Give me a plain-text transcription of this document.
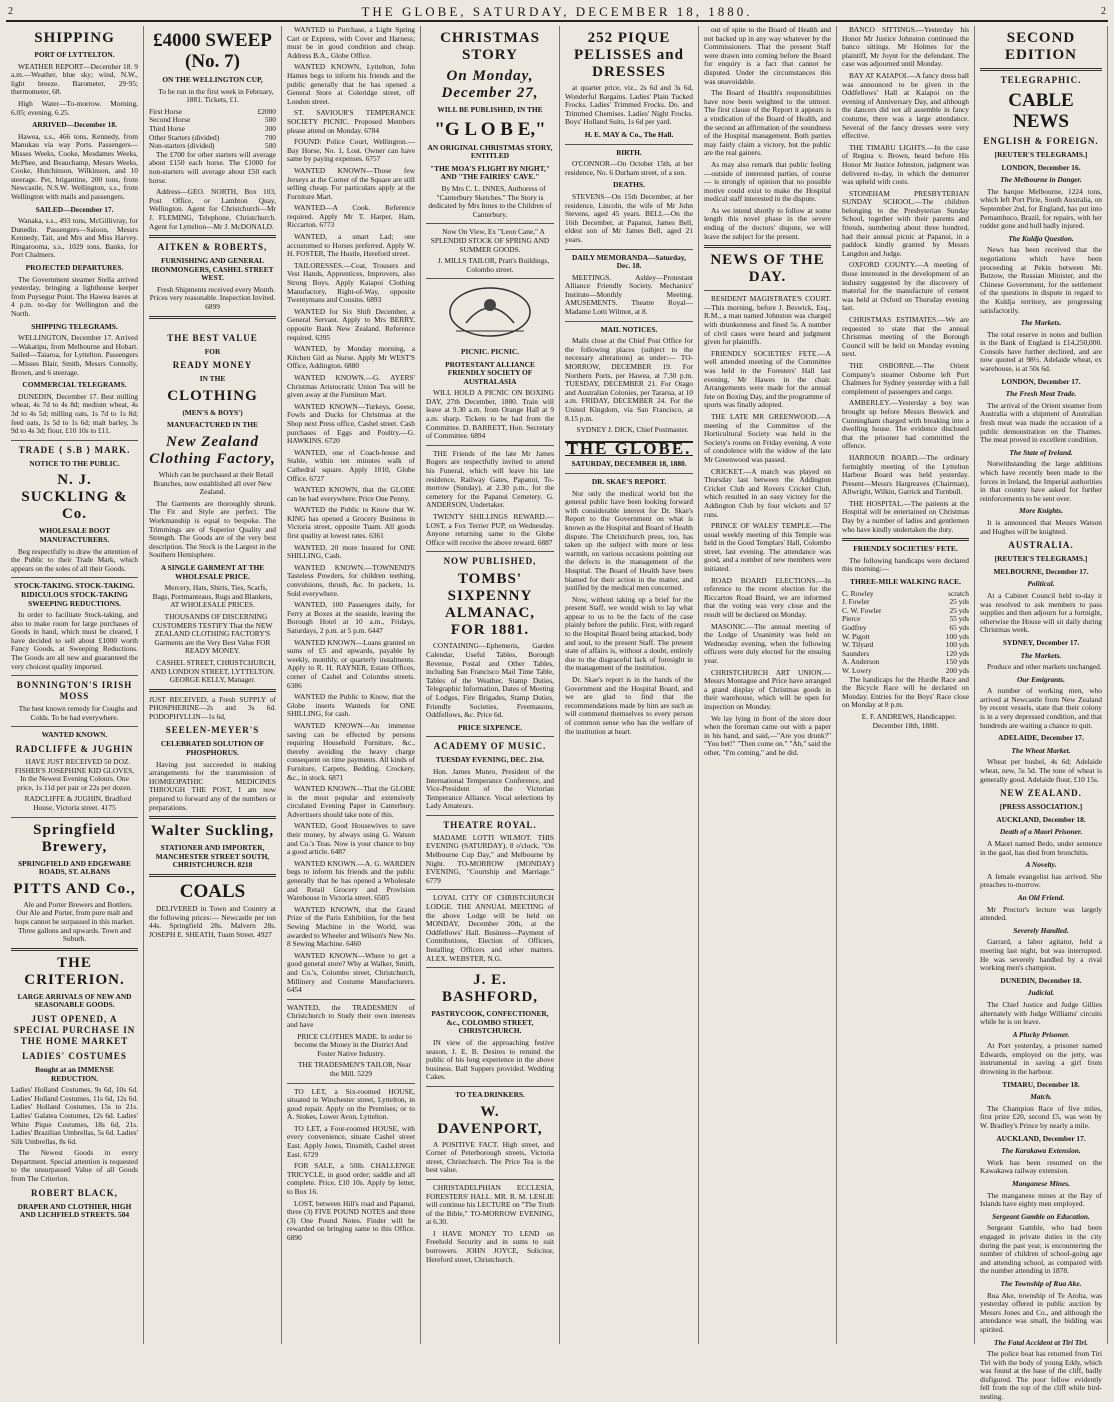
2	THE GLOBE, SATURDAY, DECEMBER 18, 1880.	2
SHIPPING
PORT OF LYTTELTON.

WEATHER REPORT—December 18. 9 a.m.—Weather, blue sky; wind, N.W., light breeze. Barometer, 29·95; thermometer, 68.

High Water—To-morrow. Morning, 6.05; evening, 6.25.

ARRIVED—December 18.

Hawea, s.s., 466 tons, Kennedy, from Manukau via way Ports. Passengers—Misses Weeks, Cooke, Mesdames Weeks, McPhee, and Beauchamp, Messrs Weeks, Cooke, Hutchinson, Wilkinson, and 10 steerage. Pet, brigantine, 200 tons, from Newcastle, N.S.W. Wellington, s.s., from Wellington with mails and passengers.

SAILED—December 17.

Wanaka, s.s., 493 tons, McGillivray, for Dunedin. Passengers—Saloon, Messrs Kennedy, Tait, and Mrs and Miss Harvey. Ringarooma, s.s., 1029 tons, Banks, for Port Chalmers.

PROJECTED DEPARTURES.

The Government steamer Stella arrived yesterday, bringing a lighthouse keeper from Puysegur Point. The Hawea leaves at 4 p.m. to-day for Wellington and the North.

SHIPPING TELEGRAMS.

WELLINGTON, December 17. Arrived—Wakatipu, from Melbourne and Hobart. Sailed—Taiaroa, for Lyttelton. Passengers—Misses Blair, Smith, Messrs Connolly, Brown, and 6 steerage.

COMMERCIAL TELEGRAMS.

DUNEDIN, December 17. Best milling wheat, 4s 7d to 4s 8d; medium wheat, 4s 3d to 4s 5d; milling oats, 1s 7d to 1s 8d; feed oats, 1s 5d to 1s 6d; malt barley, 3s 9d to 4s 3d; flour, £10 10s to £11.

TRADE ⟨ S.B ⟩ MARK.
NOTICE TO THE PUBLIC.
N. J. SUCKLING & Co.
WHOLESALE BOOT MANUFACTURERS.

Beg respectfully to draw the attention of the Public to their Trade Mark, which appears on the soles of all their Goods.

STOCK-TAKING. STOCK-TAKING. RIDICULOUS STOCK-TAKING SWEEPING REDUCTIONS.

In order to facilitate Stock-taking, and also to make room for large purchases of Goods in hand, which must be cleared, I have decided to sell about £1000 worth Fancy Goods, at Sweeping Reductions. The Goods are all new and guaranteed the very choicest quality imported.

BONNINGTON'S IRISH MOSS

The best known remedy for Coughs and Colds. To be had everywhere.

WANTED KNOWN.
RADCLIFFE & JUGHIN

HAVE JUST RECEIVED 50 DOZ. FISHER'S JOSEPHINE KID GLOVES, In the Newest Evening Colours. One price, 1s 11d per pair or 22s per dozen.

RADCLIFFE & JUGHIN, Bradford House, Victoria street. 4175

Springfield Brewery,
SPRINGFIELD AND EDGEWARE ROADS, ST. ALBANS
PITTS AND Co.,

Ale and Porter Brewers and Bottlers. Our Ale and Porter, from pure malt and hops cannot be surpassed in this market. Three gallons and upwards. Town and Suburb.

THE CRITERION.
LARGE ARRIVALS OF NEW AND SEASONABLE GOODS.
JUST OPENED, A SPECIAL PURCHASE IN THE HOME MARKET
LADIES' COSTUMES
Bought at an IMMENSE REDUCTION.

Ladies' Holland Costumes, 9s 6d, 10s 6d. Ladies' Holland Costumes, 11s 6d, 12s 6d. Ladies' Holland Costumes, 15s to 21s. Ladies' Galatea Costumes, 12s 6d. Ladies' White Pique Costumes, 18s 6d, 21s. Ladies' Brazilian Umbrellas, 5s 6d. Ladies' Silk Umbrellas, 8s 6d.

The Newest Goods in every Department. Special attention is requested to the unsurpassed Value of all Goods from The Criterion.

ROBERT BLACK,
DRAPER AND CLOTHIER, HIGH AND LICHFIELD STREETS. 504
£4000 SWEEP (No. 7)
ON THE WELLINGTON CUP,

To be run in the first week in February, 1881. Tickets, £1.

First Horse	£2000
Second Horse	500
Third Horse	300
Other Starters (divided)	700
Non-starters (divided)	500

The £700 for other starters will average about £150 each horse. The £1000 for non-starters will average about £50 each horse.

Address—GEO. NORTH, Box 103, Post Office, or Lambton Quay, Wellington. Agent for Christchurch—Mr J. FLEMING, Telephone, Christchurch. Agent for Lyttelton—Mr J. McDONALD.

AITKEN & ROBERTS,
FURNISHING AND GENERAL IRONMONGERS, CASHEL STREET WEST.

Fresh Shipments received every Month. Prices very reasonable. Inspection Invited. 6899

THE BEST VALUE
FOR
READY MONEY
IN THE
CLOTHING
(MEN'S & BOYS')
MANUFACTURED IN THE
New Zealand Clothing Factory,

Which can be purchased at their Retail Branches, now established all over New Zealand.

The Garments are thoroughly shrunk. The Fit and Style are perfect. The Workmanship is equal to bespoke. The Trimmings are of Superior Quality and Strength. The Goods are of the very best description. The Stock is the Largest in the Southern Hemisphere.

A SINGLE GARMENT AT THE WHOLESALE PRICE.

Mercery, Hats, Shirts, Ties, Scarfs, Bags, Portmanteaus, Rugs and Blankets, AT WHOLESALE PRICES.

THOUSANDS OF DISCERNING CUSTOMERS TESTIFY That the NEW ZEALAND CLOTHING FACTORY'S Garments are the Very Best Value FOR READY MONEY.

CASHEL STREET, CHRISTCHURCH, AND LONDON STREET, LYTTELTON. GEORGE KELLY, Manager.

JUST RECEIVED, a Fresh SUPPLY of PHOSPHERINE—2s and 3s 6d. PODOPHYLLIN—1s 6d,

SEELEN-MEYER'S
CELEBRATED SOLUTION OF PHOSPHORUS.

Having just succeeded in making arrangements for the transmission of HOMŒOPATHIC MEDICINES THROUGH THE POST, I am now prepared to forward any of the numbers or preparations.

Walter Suckling,
STATIONER AND IMPORTER, MANCHESTER STREET SOUTH, CHRISTCHURCH. 8218
COALS

DELIVERED in Town and Country at the following prices:— Newcastle per ton 44s. Springfield 28s. Malvern 28s. JOSEPH E. SHEATH, Tuam Street. 4927

WANTED to Purchase, a Light Spring Cart or Express, with Cover and Harness; must be in good condition and cheap. Address B.A., Globe Office.

WANTED KNOWN, Lyttelton, John Hames begs to inform his friends and the public generally that he has opened a General Store at Coleridge street, off London street.

ST. SAVIOUR'S TEMPERANCE SOCIETY PICNIC. Proposed Members please attend on Monday. 6784

FOUND: Police Court, Wellington.—Bay Horse, No. 1, Lost. Owner can have same by paying expenses. 6757

WANTED KNOWN—Those few Jerseys at the Corner of the Square are still selling cheap. For particulars apply at the Furniture Mart.

WANTED—A Cook. Reference required. Apply Mr T. Harper, Ham, Riccarton. 6773

WANTED, a smart Lad; one accustomed to Horses preferred. Apply W. H. FOSTER, The Hustle, Hereford street.

TAILORESSES.—Coat, Trousers and Vest Hands, Apprentices, Improvers, also Strong Boys. Apply Kaiapoi Clothing Manufactory, Right-of-Way, opposite Twentymans and Cousins. 6893

WANTED for Six Shift December, a General Servant. Apply to Mrs BERRY, opposite Bank New Zealand. Reference required. 6395

WANTED, by Monday morning, a Kitchen Girl as Nurse. Apply Mr WEST'S Office, Addington. 6880

WANTED KNOWN.—G. AYERS' Christmas Aristocratic Union Tea will be given away at the Furniture Mart.

WANTED KNOWN—Turkeys, Geese, Fowls and Ducks for Christmas at the Shop next Press office, Cashel street. Cash purchases of Eggs and Poultry.—G. HAWKINS. 6720

WANTED, one of Coach-house and Stable, within ten minutes walk of Cathedral square. Apply 1010, Globe Office. 6727

WANTED KNOWN, that the GLOBE can be had everywhere. Price One Penny.

WANTED the Public to Know that W. KING has opened a Grocery Business in Victoria street, opposite Tuam. All goods first quality at lowest rates. 6361

WANTED, 20 more Insured for ONE SHILLING, Cash.

WANTED KNOWN.—TOWNEND'S Tasteless Powders, for children teething, convulsions, thrush, &c. In packets, 1s. Sold everywhere.

WANTED, 100 Passengers daily, for Ferry at Boxes at the seaside, leaving the Borough Hotel at 10 a.m., Fridays, Saturdays, 2 p.m. at 5 p.m. 6447

WANTED KNOWN—Loans granted on sums of £5 and upwards, payable by weekly, monthly, or quarterly instalments. Apply to R. H. RAYNER, Estate Offices, corner of Cashel and Colombo streets. 6386

WANTED the Public to Know, that the Globe inserts Wanteds for ONE SHILLING, for cash.

WANTED KNOWN—An immense saving can be effected by persons requiring Household Furniture, &c., thereby avoiding the heavy charge consequent on time payments. All kinds of Furniture, Carpets, Bedding, Crockery, &c., in stock. 6871

WANTED KNOWN—That the GLOBE is the most popular and extensively circulated Evening Paper in Canterbury. Advertisers should take note of this.

WANTED, Good Housewives to save their money, by always using G. Watson and Co.'s Teas. Now is your chance to buy a good article. 6487

WANTED KNOWN.—A. G. WARDEN begs to inform his friends and the public generally that he has opened a Wholesale and Retail Grocery and Provision Warehouse in Victoria street. 6505

WANTED KNOWN, that the Grand Prize of the Paris Exhibition, for the best Sewing Machine in the World, was awarded to Wheeler and Wilson's New No. 8 Sewing Machine. 6460

WANTED KNOWN—Where to get a good general store? Why at Walker, Smith, and Co.'s, Colombo street, Christchurch, Millinery and Costume Manufacturers. 6454

WANTED, the TRADESMEN of Christchurch to Study their own interests and have

PRICE CLOTHES MADE. In order to become the Money in the District And Foster Native Industry.

THE TRADESMEN'S TAILOR, Near the Mill. 5229

TO LET, a Six-roomed HOUSE, situated in Winchester street, Lyttelton, in good repair. Apply on the Premises; or to A. Stokes, Lower Avon, Lyttelton.

TO LET, a Four-roomed HOUSE, with every convenience, situate Cashel street East. Apply Jones, Tinsmith, Cashel street East. 6729

FOR SALE, a 50lb. CHALLENGE TRICYCLE, in good order; saddle and all complete. Price, £10 10s. Apply by letter, to Box 16.

LOST, between Hill's road and Papanui, three (3) FIVE POUND NOTES and three (3) One Pound Notes. Finder will be rewarded on bringing same to this Office. 6890

CHRISTMAS STORY
On Monday, December 27,
WILL BE PUBLISHED, IN THE
"G L O B E,"
AN ORIGINAL CHRISTMAS STORY, ENTITLED
"THE MOA'S FLIGHT BY NIGHT," AND "THE FAIRIES' CAVE."

By Mrs C. L. INNES, Authoress of "Canterbury Sketches." The Story is dedicated by Mrs Innes to the Children of Canterbury.

Now On View, Ex "Leon Cane," A SPLENDID STOCK OF SPRING AND SUMMER GOODS.

J. MILLS TAILOR, Pratt's Buildings, Colombo street.

PICNIC. PICNIC.
PROTESTANT ALLIANCE FRIENDLY SOCIETY OF AUSTRALASIA

WILL HOLD A PICNIC ON BOXING DAY, 27th December, 1880. Train will leave at 9.30 a.m. from Orange Hall at 9 a.m. sharp. Tickets to be had from the Committee. D. BARRETT, Hon. Secretary of Committee. 6894

THE Friends of the late Mr James Rogers are respectfully invited to attend his Funeral, which will leave his late residence, Railway Gates, Papanui, To-morrow (Sunday), at 2.30 p.m., for the cemetery for the Papanui Cemetery. G. ANDERSON, Undertaker.

TWENTY SHILLINGS REWARD.—LOST, a Fox Terrier PUP, on Wednesday. Anyone returning same to the Globe Office will receive the above reward. 6887

NOW PUBLISHED,
TOMBS' SIXPENNY ALMANAC, FOR 1881.

CONTAINING—Ephemeris, Garden Calendar, Useful Tables, Borough Revenue, Postal and Other Tables, including San Francisco Mail Time Table, Tables of the Weather, Stamp Duties, Telegraphic Information, Dates of Meeting of Lodges, Fire Brigades, Stamp Duties, Friendly Societies, Freemasons, Oddfellows, &c. Price 6d.

PRICE SIXPENCE.
ACADEMY OF MUSIC.
TUESDAY EVENING, DEC. 21st.

Hon. James Munro, President of the International Temperance Conference, and Vice-President of the Victorian Temperance Alliance. Vocal selections by Lady Amateurs.

THEATRE ROYAL.

MADAME LOTTI WILMOT. THIS EVENING (SATURDAY), 8 o'clock, "On Melbourne Cup Day," and Melbourne by Night. TO-MORROW (MONDAY) EVENING, "Courtship and Marriage." 6779

LOYAL CITY OF CHRISTCHURCH LODGE. THE ANNUAL MEETING of the above Lodge will be held on MONDAY, December 20th, at the Oddfellows' Hall. Business—Payment of Contributions, Election of Officers, Installing Officers and other matters. ALEX. WEBSTER, N.G.

J. E. BASHFORD,
PASTRYCOOK, CONFECTIONER, &c., COLOMBO STREET, CHRISTCHURCH.

IN view of the approaching festive season, J. E. B. Desires to remind the public of his long experience in the above business. Ball Suppers provided. Wedding Cakes.

TO TEA DRINKERS.
W. DAVENPORT,

A POSITIVE FACT. High street, and Corner of Peterborough streets, Victoria street, Christchurch. The Price Tea is the best value.

CHRISTADELPHIAN ECCLESIA, FORESTERS' HALL. MR. R. M. LESLIE will continue his LECTURE on "The Truth of the Bible," TO-MORROW EVENING, at 6.30.

I HAVE MONEY TO LEND on Freehold Security and in sums to suit borrowers. JOHN JOYCE, Solicitor, Hereford street, Christchurch.

252 PIQUE PELISSES and DRESSES

at quarter price, viz., 2s 6d and 3s 6d, Wonderful Bargains. Ladies' Plain Tucked Frocks. Ladies' Trimmed Frocks. Do. and Trimmed Chemises. Ladies' Night Frocks. Boys' Holland Suits, 1s 6d per yard.

H. E. MAY & Co., The Hall.
BIRTH.

O'CONNOR—On October 15th, at her residence, No. 6 Durham street, of a son.

DEATHS.

STEVENS—On 15th December, at her residence, Lincoln, the wife of Mr John Stevens, aged 45 years. BELL—On the 16th December, at Papanui, James Bell, eldest son of Mr James Bell, aged 21 years.

DAILY MEMORANDA—Saturday, Dec. 18.

MEETINGS. Ashley—Protestant Alliance Friendly Society. Mechanics' Institute—Monthly Meeting. AMUSEMENTS. Theatre Royal—Madame Lotti Wilmot, at 8.

MAIL NOTICES.

Mails close at the Chief Post Office for the following places (subject to the necessary alterations) as under:— TO-MORROW, DECEMBER 19. For Northern Ports, per Hawea, at 7.30 p.m. TUESDAY, DECEMBER 21. For Otago and Australian Colonies, per Tararua, at 10 a.m. FRIDAY, DECEMBER 24. For the United Kingdom, via San Francisco, at 8.15 p.m.

SYDNEY J. DICK, Chief Postmaster.

THE GLOBE.
SATURDAY, DECEMBER 18, 1880.
DR. SKAE'S REPORT.

Nor only the medical world but the general public have been looking forward with considerable interest for Dr. Skae's Report to the Government on what is known as the Hospital and Board of Health dispute. The Christchurch press, too, has taken up the subject with more or less warmth, on various occasions pointing out the defects in the management of the Hospital. The Board of Health have been blamed for their action in the matter, and justified by the medical men concerned.

Now, without taking up a brief for the present Staff, we would wish to lay what appear to us to be the facts of the case plainly before the public. First, with regard to the Hospital Board being attacked, body and soul, to the present Staff. The present state of affairs is, without a doubt, entirely due to the disgraceful lack of foresight in the management of the institution.

Dr. Skae's report is in the hands of the Government and the Hospital Board, and we are glad to find that the recommendations made by him are such as will commend themselves to every person of common sense who has the welfare of the institution at heart.

out of spite to the Board of Health and not backed up in any way whatever by the Commissioners. That the present Staff were drawn into coming before the Board for enquiry is a fact that cannot be disputed. Under the circumstances this was unavoidable.

The Board of Health's responsibilities have now been weighted to the utmost. The first clause of the Report it appears is a vindication of the Board of Health, and the second an affirmation of the soundness of the Hospital management. Both parties may fairly claim a victory, but the public are the real gainers.

As may also remark that public feeling —outside of interested parties, of course— is strongly of opinion that no possible motive could exist to make the Hospital medical staff interested in the dispute.

As we intend shortly to follow at some length this novel phase in the severe ending of the doctors' dispute, we will leave the subject for the present.

NEWS OF THE DAY.

RESIDENT MAGISTRATE'S COURT.—This morning, before J. Beswick, Esq., R.M., a man named Johnston was charged with drunkenness and fined 5s. A number of civil cases were heard and judgment given for plaintiffs.

FRIENDLY SOCIETIES' FETE.—A well attended meeting of the Committee was held in the Foresters' Hall last evening, Mr Hawes in the chair. Arrangements were made for the annual fete on Boxing Day, and the programme of sports was finally adopted.

THE LATE MR GREENWOOD.—A meeting of the Committee of the Horticultural Society was held in the Society's rooms on Friday evening. A vote of condolence with the widow of the late Mr Greenwood was passed.

CRICKET.—A match was played on Thursday last between the Addington Cricket Club and Rovers Cricket Club, which resulted in an easy victory for the Addington Club by four wickets and 57 runs.

PRINCE OF WALES' TEMPLE.—The usual weekly meeting of this Temple was held in the Good Templars' Hall, Colombo street, last evening. The attendance was good, and a number of new members were initiated.

ROAD BOARD ELECTIONS.—In reference to the recent election for the Riccarton Road Board, we are informed that the voting was very close and the result will be declared on Monday.

MASONIC.—The annual meeting of the Lodge of Unanimity was held on Wednesday evening, when the following officers were duly elected for the ensuing year.

CHRISTCHURCH ART UNION.—Messrs Montague and Price have arranged a grand display of Christmas goods in their warehouse, which will be open for inspection on Monday.

We lay lying in front of the store door when the foreman came out with a paper in his hand, and said,—"Are you drunk?" "You bet!" "Then come on." "Ah," said the other, "I'm coming," and he did.

BANCO SITTINGS.—Yesterday his Honor Mr Justice Johnston continued the banco sittings. Mr Holmes for the plaintiff, Mr Joynt for the defendant. The case was adjourned until Monday.

BAY AT KAIAPOI.—A fancy dress ball was announced to be given in the Oddfellows' Hall at Kaiapoi on the evening of Anniversary Day, and although the dancers did not all assemble in fancy costume, there was a large attendance. Several of the fancy dresses were very effective.

THE TIMARU LIGHTS.—In the case of Regina v. Brown, heard before His Honor Mr Justice Johnston, judgment was delivered to-day, in which the demurrer was upheld with costs.

STONEHAM PRESBYTERIAN SUNDAY SCHOOL.—The children belonging to the Presbyterian Sunday School, together with their parents and friends, numbering about three hundred, had their annual picnic at Papanui, in a paddock kindly granted by Messrs Langdon and Judge.

OXFORD COUNTY.—A meeting of those interested in the development of an industry suggested by the discovery of material for the manufacture of cement was held at Oxford on Thursday evening last.

CHRISTMAS ESTIMATES.—We are requested to state that the annual Christmas meeting of the Borough Council will be held on Monday evening next.

THE OSBORNE.—The Orient Company's steamer Osborne left Port Chalmers for Sydney yesterday with a full complement of passengers and cargo.

AMBERLEY.—Yesterday a boy was brought up before Messrs Beswick and Cunningham charged with breaking into a dwelling house. The evidence disclosed that the prisoner had committed the offence.

HARBOUR BOARD.—The ordinary fortnightly meeting of the Lyttelton Harbour Board was held yesterday. Present—Messrs Hargreaves (Chairman), Allwright, Wilkin, Garrick and Turnbull.

THE HOSPITAL.—The patients at the Hospital will be entertained on Christmas Day by a number of ladies and gentlemen who have kindly undertaken the duty.

FRIENDLY SOCIETIES' FETE.

The following handicaps were declared this morning:—

THREE-MILE WALKING RACE.
C. Rowley	scratch
J. Fowler	25 yds
C. W. Fowler	25 yds
Pierce	55 yds
Godfrey	65 yds
W. Pigott	100 yds
W. Tilyard	100 yds
Saunders	120 yds
A. Anderson	150 yds
W. Lowry	200 yds

The handicaps for the Hurdle Race and the Bicycle Race will be declared on Monday. Entries for the Boys' Race close on Monday at 8 p.m.

E. F. ANDREWS, Handicapper. December 18th, 1880.

SECOND EDITION
TELEGRAPHIC.
CABLE NEWS
ENGLISH & FOREIGN.
[REUTER'S TELEGRAMS.]
LONDON, December 16.
The Melbourne in Danger.

The barque Melbourne, 1224 tons, which left Port Pirie, South Australia, on September 2nd, for England, has put into Pernambuco, Brazil, for repairs, with her rudder gone and hull badly injured.

The Kuldja Question.

News has been received that the negotiations which have been proceeding at Pekin between Mr. Butzow, the Russian Minister, and the Chinese Government, for the settlement of the questions in dispute in regard to the Kuldja territory, are progressing satisfactorily.

The Markets.

The total reserve in notes and bullion in the Bank of England is £14,250,000. Consols have further declined, and are now quoted at 98½. Adelaide wheat, ex warehouse, is at 50s 6d.

LONDON, December 17.
The Fresh Meat Trade.

The arrival of the Orient steamer from Australia with a shipment of Australian fresh meat was made the occasion of a public demonstration on the Thames. The meat proved in excellent condition.

The State of Ireland.

Notwithstanding the large additions which have recently been made to the forces in Ireland, the Imperial authorities in that country have asked for further reinforcements to be sent over.

More Knights.

It is announced that Messrs Watson and Hughes will be knighted.

AUSTRALIA.
[REUTER'S TELEGRAMS.]
MELBOURNE, December 17.
Political.

At a Cabinet Council held to-day it was resolved to ask members to pass supplies and then adjourn for a fortnight, otherwise the House will sit daily during Christmas week.

SYDNEY, December 17.
The Markets.

Produce and other markets unchanged.

Our Emigrants.

A number of working men, who arrived at Newcastle from New Zealand by recent vessels, state that their colony is in a very depressed condition, and that hundreds are waiting a chance to quit.

ADELAIDE, December 17.
The Wheat Market.

Wheat per bushel, 4s 6d; Adelaide wheat, new, 5s 5d. The tone of wheat is generally good. Adelaide flour, £10 15s.

NEW ZEALAND.
[PRESS ASSOCIATION.]
AUCKLAND, December 18.
Death of a Maori Prisoner.

A Maori named Bedo, under sentence in the gaol, has died from bronchitis.

A Novelty.

A female evangelist has arrived. She preaches to-morrow.

An Old Friend.

Mr Proctor's lecture was largely attended.

Severely Handled.

Garrard, a labor agitator, held a meeting last night, but was interrupted. He was severely handled by a rival working men's champion.

DUNEDIN, December 18.
Judicial.

The Chief Justice and Judge Gillies alternately with Judge Williams' circuits while he is on leave.

A Plucky Prisoner.

At Port yesterday, a prisoner named Edwards, employed on the jetty, was instrumental in saving a girl from drowning in the harbour.

TIMARU, December 18.
Match.

The Champion Race of five miles, first prize £20, second £5, was won by W. Bradley's Prince by nearly a mile.

AUCKLAND, December 17.
The Karakawa Extension.

Work has been resumed on the Kawakawa railway extension.

Manganese Mines.

The manganese mines at the Bay of Islands have eighty men employed.

Sergeant Gamble on Education.

Sergeant Gamble, who had been engaged in private duties in the city during the past year, is encountering the number of children of school-going age and attending school, as compared with the number attending in 1878.

The Township of Rua Ake.

Rua Ake, township of Te Aroha, was yesterday offered in public auction by Messrs Jones and Co., and although the attendance was small, the bidding was spirited.

The Fatal Accident at Tiri Tiri.

The police boat has returned from Tiri Tiri with the body of young Eddy, which was found at the base of the cliff, badly disfigured. The poor fellow evidently fell from the top of the cliff while bird-nesting.
